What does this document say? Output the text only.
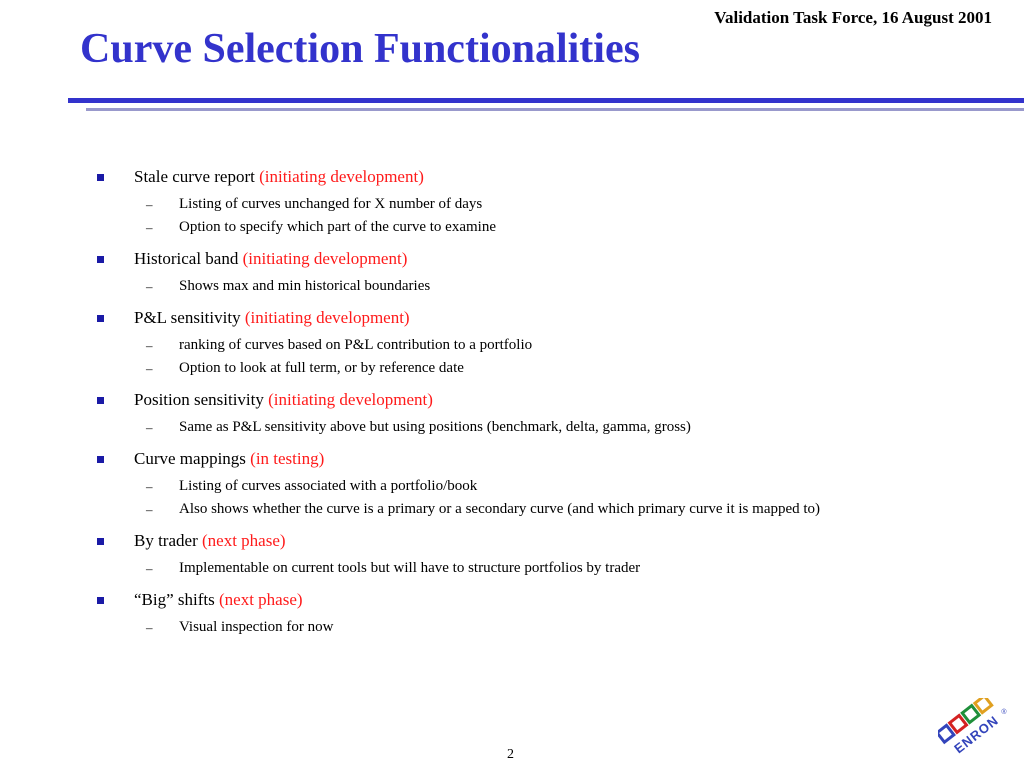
Validation Task Force, 16 August 2001
Curve Selection Functionalities
Stale curve report (initiating development)
– Listing of curves unchanged for X number of days
– Option to specify which part of the curve to examine
Historical band (initiating development)
– Shows max and min historical boundaries
P&L sensitivity (initiating development)
– ranking of curves based on P&L contribution to a portfolio
– Option to look at full term, or by reference date
Position sensitivity (initiating development)
– Same as P&L sensitivity above but using positions (benchmark, delta, gamma, gross)
Curve mappings (in testing)
– Listing of curves associated with a portfolio/book
– Also shows whether the curve is a primary or a secondary curve (and which primary curve it is mapped to)
By trader (next phase)
– Implementable on current tools but will have to structure portfolios by trader
“Big” shifts (next phase)
– Visual inspection for now
2	ENRON ®
